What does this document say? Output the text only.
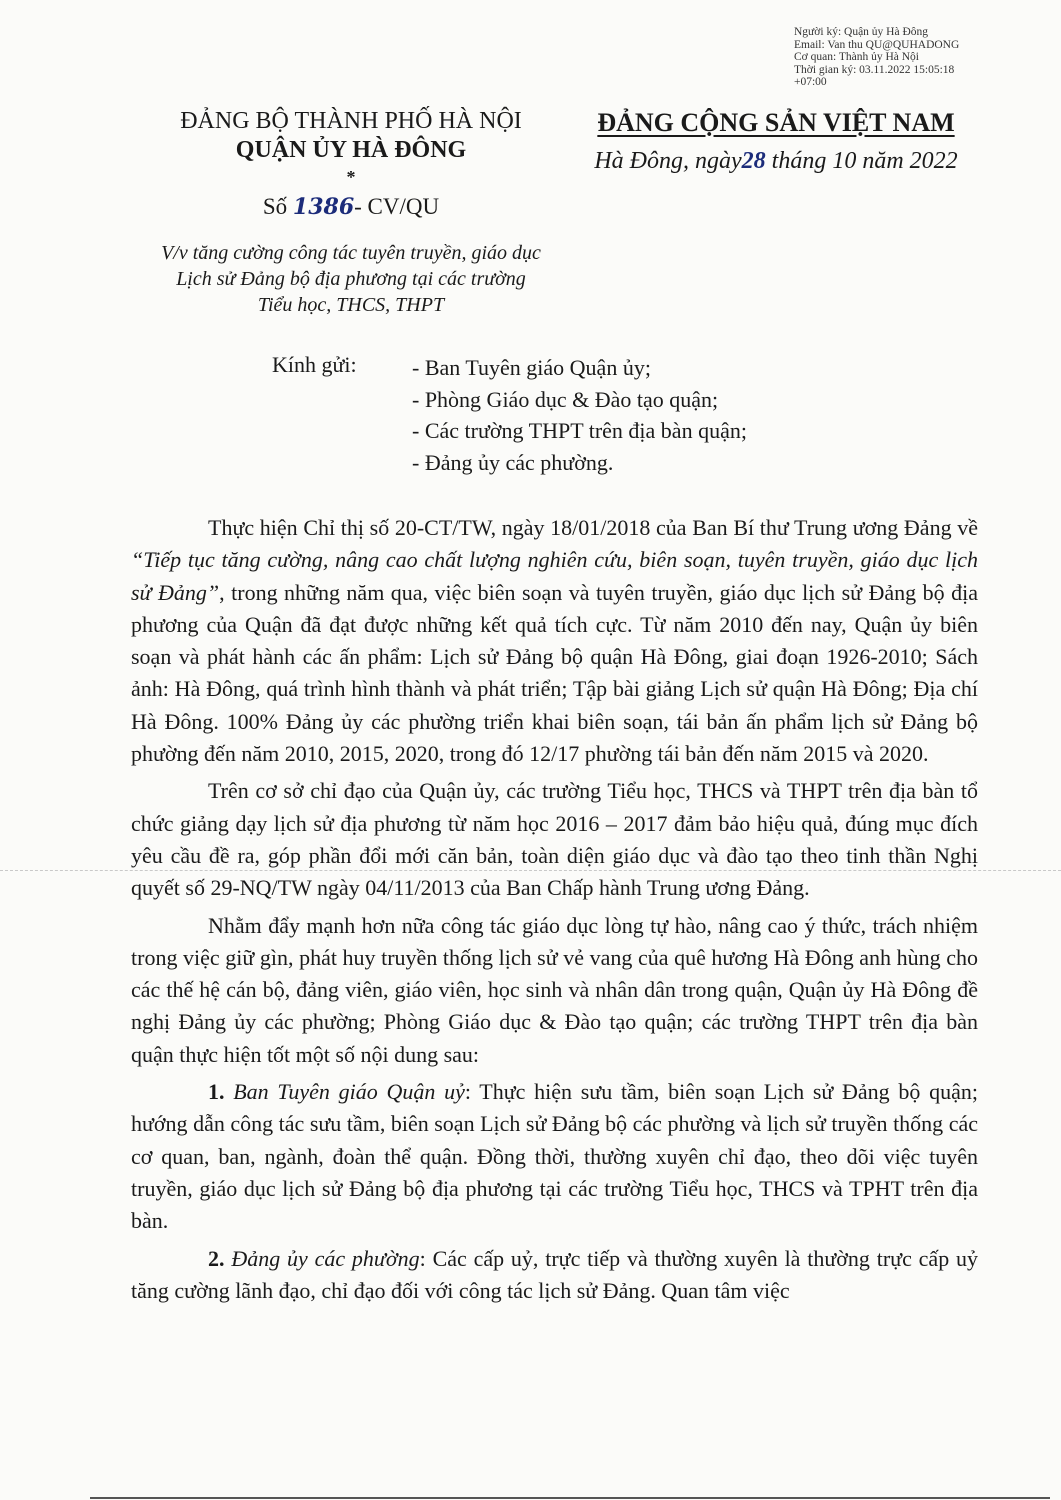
Người ký: Quận ủy Hà Đông
Email: Van thu QU@QUHADONG
Cơ quan: Thành ủy Hà Nội
Thời gian ký: 03.11.2022 15:05:18
+07:00
ĐẢNG BỘ THÀNH PHỐ HÀ NỘI
QUẬN ỦY HÀ ĐÔNG
*
Số 1386- CV/QU
V/v tăng cường công tác tuyên truyền, giáo dục
Lịch sử Đảng bộ địa phương tại các trường
Tiểu học, THCS, THPT
ĐẢNG CỘNG SẢN VIỆT NAM
Hà Đông, ngày28 tháng 10 năm 2022
Kính gửi:	- Ban Tuyên giáo Quận ủy;
- Phòng Giáo dục & Đào tạo quận;
- Các trường THPT trên địa bàn quận;
- Đảng ủy các phường.

Thực hiện Chỉ thị số 20-CT/TW, ngày 18/01/2018 của Ban Bí thư Trung ương Đảng về “Tiếp tục tăng cường, nâng cao chất lượng nghiên cứu, biên soạn, tuyên truyền, giáo dục lịch sử Đảng”, trong những năm qua, việc biên soạn và tuyên truyền, giáo dục lịch sử Đảng bộ địa phương của Quận đã đạt được những kết quả tích cực. Từ năm 2010 đến nay, Quận ủy biên soạn và phát hành các ấn phẩm: Lịch sử Đảng bộ quận Hà Đông, giai đoạn 1926-2010; Sách ảnh: Hà Đông, quá trình hình thành và phát triển; Tập bài giảng Lịch sử quận Hà Đông; Địa chí Hà Đông. 100% Đảng ủy các phường triển khai biên soạn, tái bản ấn phẩm lịch sử Đảng bộ phường đến năm 2010, 2015, 2020, trong đó 12/17 phường tái bản đến năm 2015 và 2020.

Trên cơ sở chỉ đạo của Quận ủy, các trường Tiểu học, THCS và THPT trên địa bàn tổ chức giảng dạy lịch sử địa phương từ năm học 2016 – 2017 đảm bảo hiệu quả, đúng mục đích yêu cầu đề ra, góp phần đổi mới căn bản, toàn diện giáo dục và đào tạo theo tinh thần Nghị quyết số 29-NQ/TW ngày 04/11/2013 của Ban Chấp hành Trung ương Đảng.

Nhằm đẩy mạnh hơn nữa công tác giáo dục lòng tự hào, nâng cao ý thức, trách nhiệm trong việc giữ gìn, phát huy truyền thống lịch sử vẻ vang của quê hương Hà Đông anh hùng cho các thế hệ cán bộ, đảng viên, giáo viên, học sinh và nhân dân trong quận, Quận ủy Hà Đông đề nghị Đảng ủy các phường; Phòng Giáo dục & Đào tạo quận; các trường THPT trên địa bàn quận thực hiện tốt một số nội dung sau:

1. Ban Tuyên giáo Quận uỷ: Thực hiện sưu tầm, biên soạn Lịch sử Đảng bộ quận; hướng dẫn công tác sưu tầm, biên soạn Lịch sử Đảng bộ các phường và lịch sử truyền thống các cơ quan, ban, ngành, đoàn thể quận. Đồng thời, thường xuyên chỉ đạo, theo dõi việc tuyên truyền, giáo dục lịch sử Đảng bộ địa phương tại các trường Tiểu học, THCS và TPHT trên địa bàn.

2. Đảng ủy các phường: Các cấp uỷ, trực tiếp và thường xuyên là thường trực cấp uỷ tăng cường lãnh đạo, chỉ đạo đối với công tác lịch sử Đảng. Quan tâm việc
